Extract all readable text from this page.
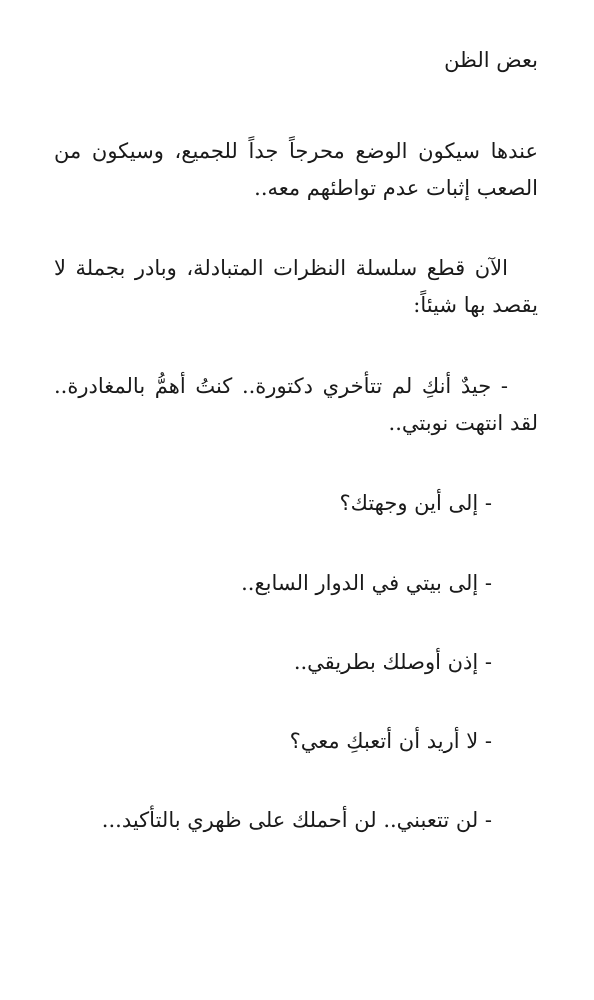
بعض الظن
عندها سيكون الوضع محرجاً جداً للجميع، وسيكون من الصعب إثبات عدم تواطئهم معه..
الآن قطع سلسلة النظرات المتبادلة، وبادر بجملة لا يقصد بها شيئاً:
- جيدٌ أنكِ لم تتأخري دكتورة.. كنتُ أهمُّ بالمغادرة.. لقد انتهت نوبتي..
- إلى أين وجهتك؟
- إلى بيتي في الدوار السابع..
- إذن أوصلك بطريقي..
- لا أريد أن أتعبكِ معي؟
- لن تتعبني.. لن أحملك على ظهري بالتأكيد...
